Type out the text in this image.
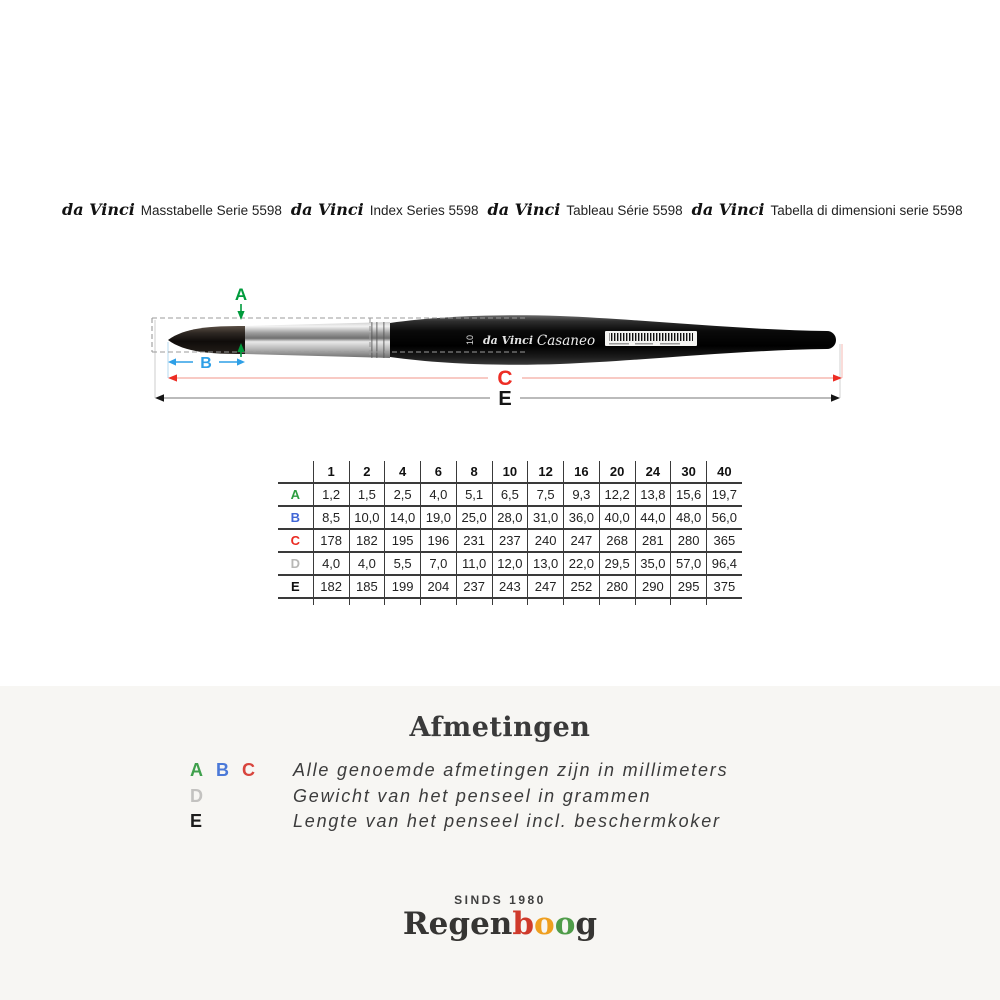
da Vinci Masstabelle Serie 5598 da Vinci Index Series 5598 da Vinci Tableau Série 5598 da Vinci Tabella di dimensioni serie 5598
10 da Vinci Casaneo
A
B
C
E
	1	2	4	6	8	10	12	16	20	24	30	40
A	1,2	1,5	2,5	4,0	5,1	6,5	7,5	9,3	12,2	13,8	15,6	19,7
B	8,5	10,0	14,0	19,0	25,0	28,0	31,0	36,0	40,0	44,0	48,0	56,0
C	178	182	195	196	231	237	240	247	268	281	280	365
D	4,0	4,0	5,5	7,0	11,0	12,0	13,0	22,0	29,5	35,0	57,0	96,4
E	182	185	199	204	237	243	247	252	280	290	295	375

Afmetingen
A B C Alle genoemde afmetingen zijn in millimeters
D	Gewicht van het penseel in grammen
E	Lengte van het penseel incl. beschermkoker
SINDS 1980
Regenboog
